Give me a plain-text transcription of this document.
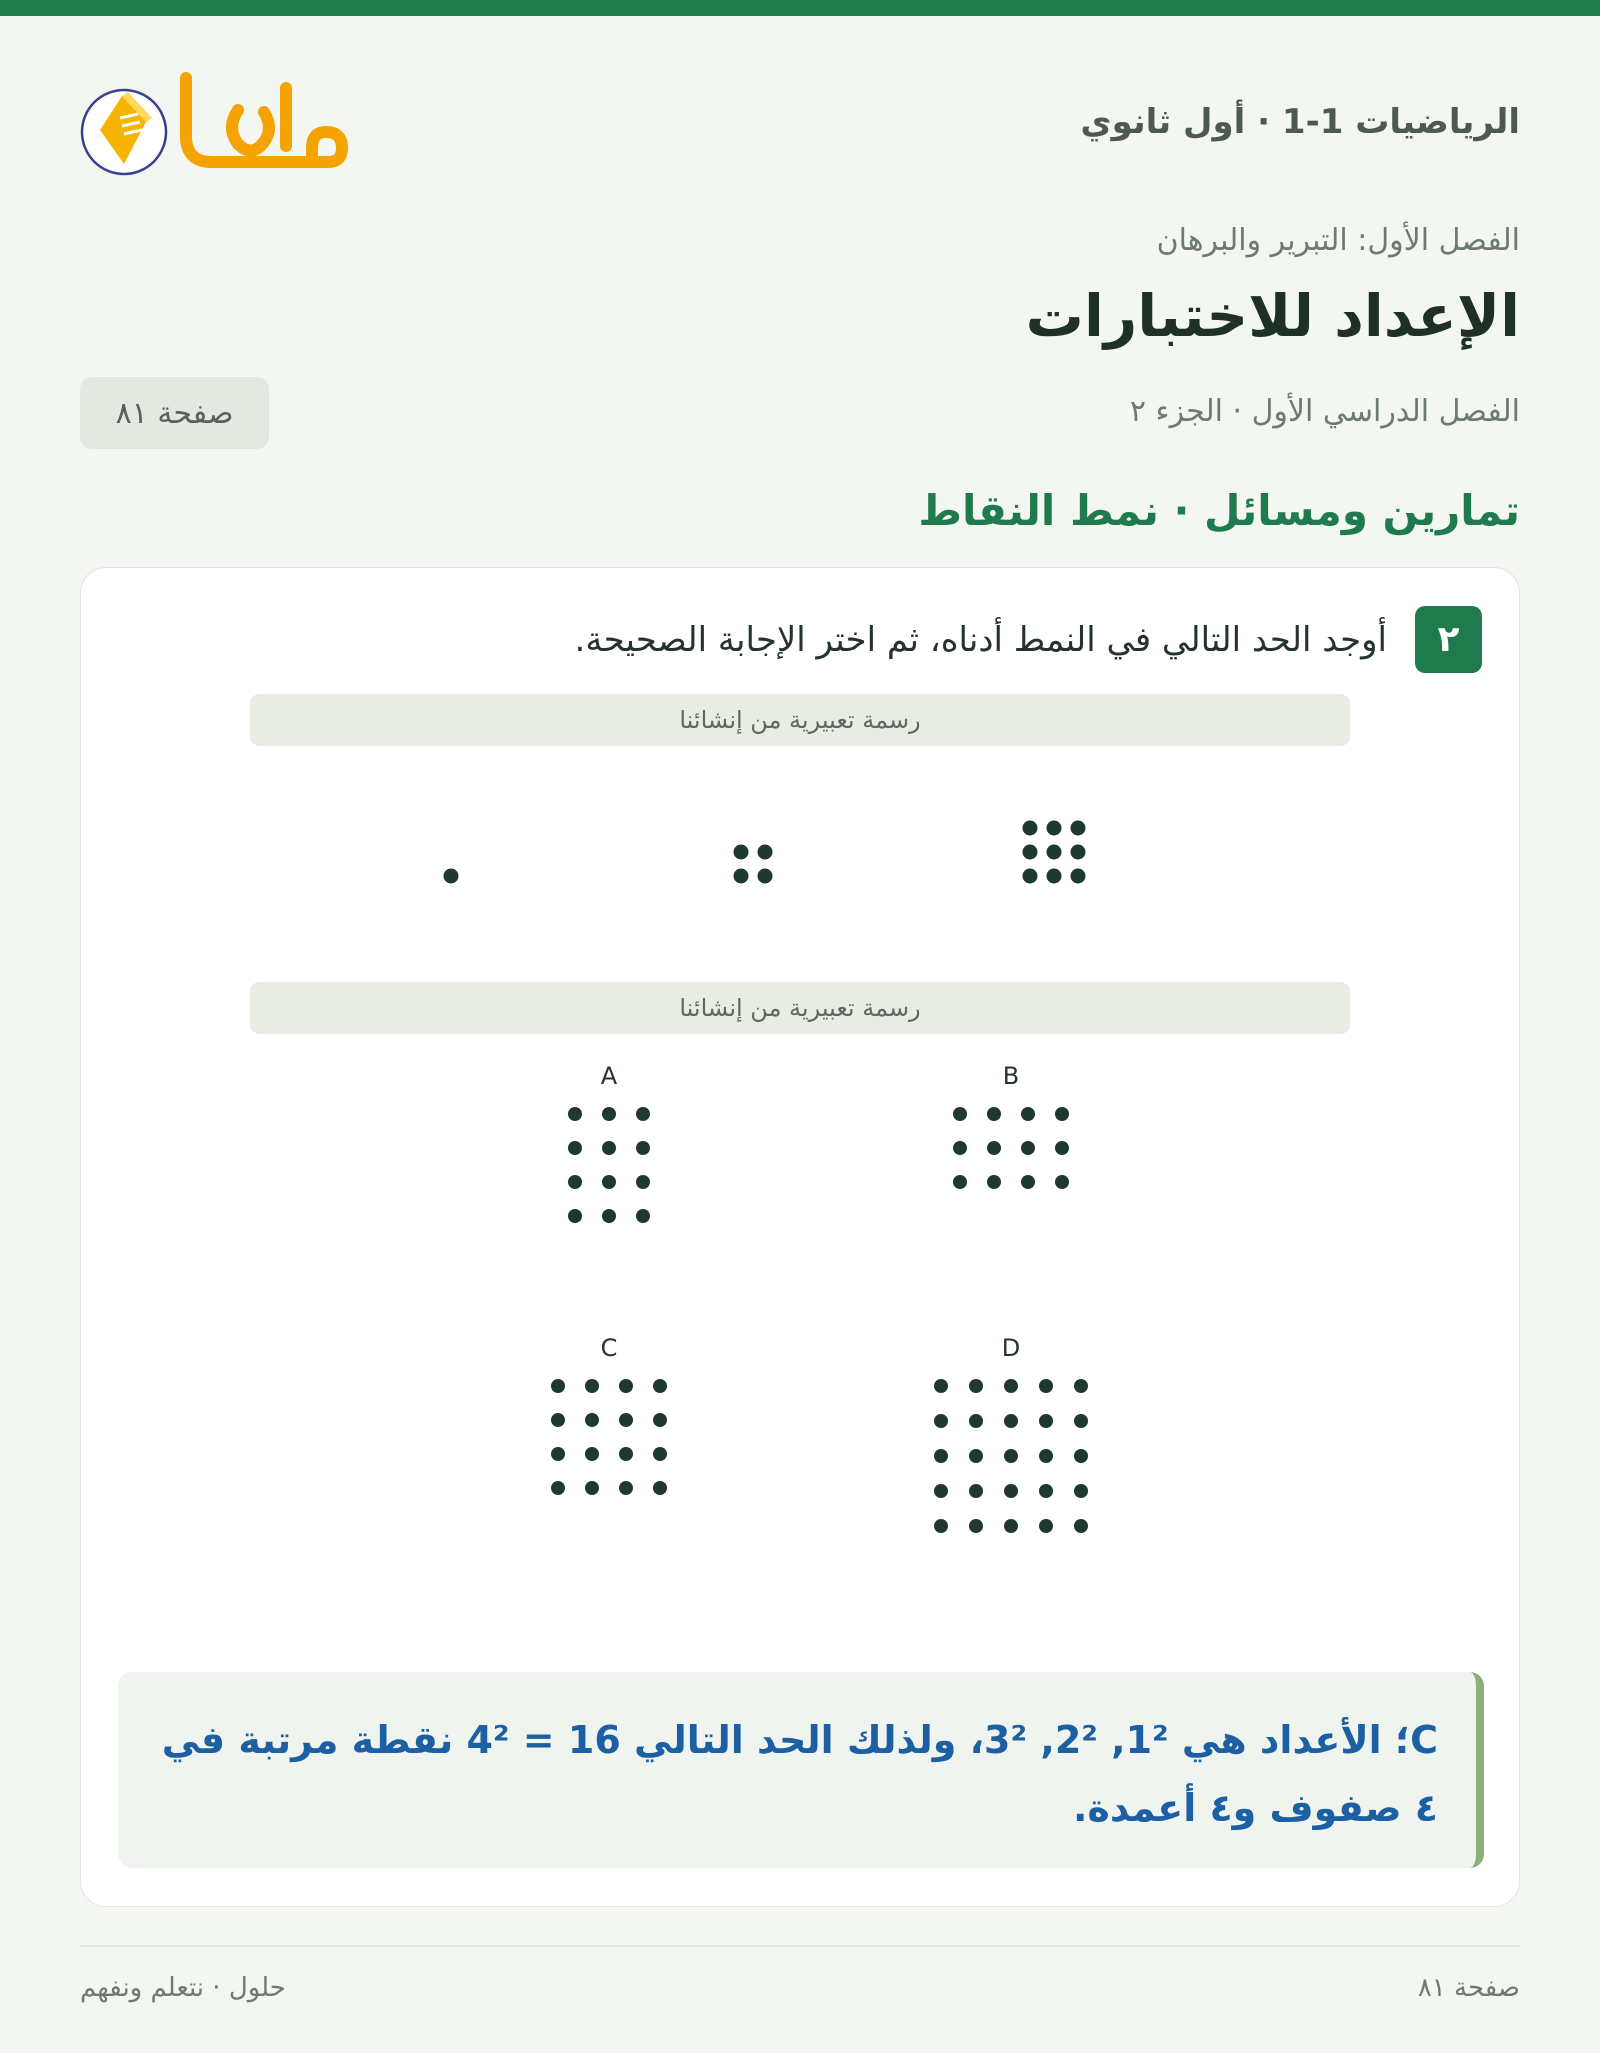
الرياضيات 1-1 · أول ثانوي
الفصل الأول: التبرير والبرهان
الإعداد للاختبارات
الفصل الدراسي الأول · الجزء ٢
صفحة ٨١
تمارين ومسائل · نمط النقاط
٢
أوجد الحد التالي في النمط أدناه، ثم اختر الإجابة الصحيحة.
رسمة تعبيرية من إنشائنا
رسمة تعبيرية من إنشائنا
A	B
C	D
C؛ الأعداد هي 1², 2², 3²، ولذلك الحد التالي 16 = 4² نقطة مرتبة في ٤ صفوف و٤ أعمدة.
صفحة ٨١
حلول · نتعلم ونفهم
